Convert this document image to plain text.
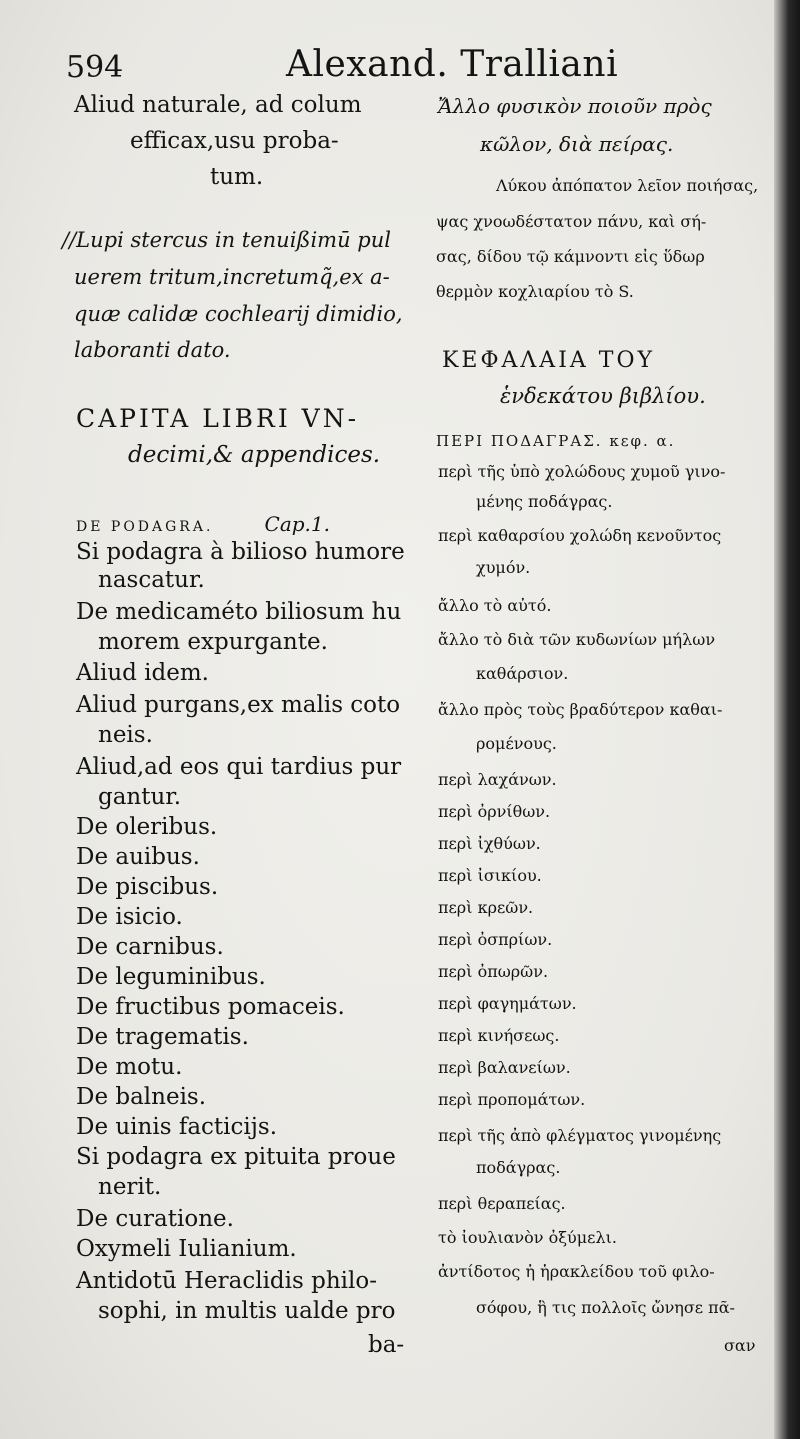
594	Alexand. Tralliani
Aliud naturale, ad colum
efficax,usu proba-
tum.
//Lupi stercus in tenuißimū pul
uerem tritum,incretumq̃,ex a-
quæ calidæ cochlearij dimidio,
laboranti dato.
CAPITA LIBRI VN-
decimi,& appendices.
DE PODAGRA.	Cap.1.
Si podagra à bilioso humore
nascatur.
De medicaméto biliosum hu
morem expurgante.
Aliud idem.
Aliud purgans,ex malis coto
neis.
Aliud,ad eos qui tardius pur
gantur.
De oleribus.
De auibus.
De piscibus.
De isicio.
De carnibus.
De leguminibus.
De fructibus pomaceis.
De tragematis.
De motu.
De balneis.
De uinis facticijs.
Si podagra ex pituita proue
nerit.
De curatione.
Oxymeli Iulianium.
Antidotū Heraclidis philo-
sophi, in multis ualde pro
ba-
Ἄλλο φυσικὸν ποιοῦν πρὸς
κῶλον, διὰ πείρας.
Λύκου ἀπόπατον λεῖον ποιήσας,
ψας χνοωδέστατον πάνυ, καὶ σή-
σας, δίδου τῷ κάμνοντι εἰς ὕδωρ
θερμὸν κοχλιαρίου τὸ S.
ΚΕΦΑΛΑΙΑ ΤΟΥ
ἑνδεκάτου βιβλίου.
ΠΕΡΙ ΠΟΔΑΓΡΑΣ. κεφ. α.
περὶ τῆς ὑπὸ χολώδους χυμοῦ γινο-
μένης ποδάγρας.
περὶ καθαρσίου χολώδη κενοῦντος
χυμόν.
ἄλλο τὸ αὐτό.
ἄλλο τὸ διὰ τῶν κυδωνίων μήλων
καθάρσιον.
ἄλλο πρὸς τοὺς βραδύτερον καθαι-
ρομένους.
περὶ λαχάνων.
περὶ ὀρνίθων.
περὶ ἰχθύων.
περὶ ἰσικίου.
περὶ κρεῶν.
περὶ ὀσπρίων.
περὶ ὀπωρῶν.
περὶ φαγημάτων.
περὶ κινήσεως.
περὶ βαλανείων.
περὶ προπομάτων.
περὶ τῆς ἀπὸ φλέγματος γινομένης
ποδάγρας.
περὶ θεραπείας.
τὸ ἰουλιανὸν ὀξύμελι.
ἀντίδοτος ἡ ἡρακλείδου τοῦ φιλο-
σόφου, ἣ τις πολλοῖς ὤνησε πᾶ-
σαν
